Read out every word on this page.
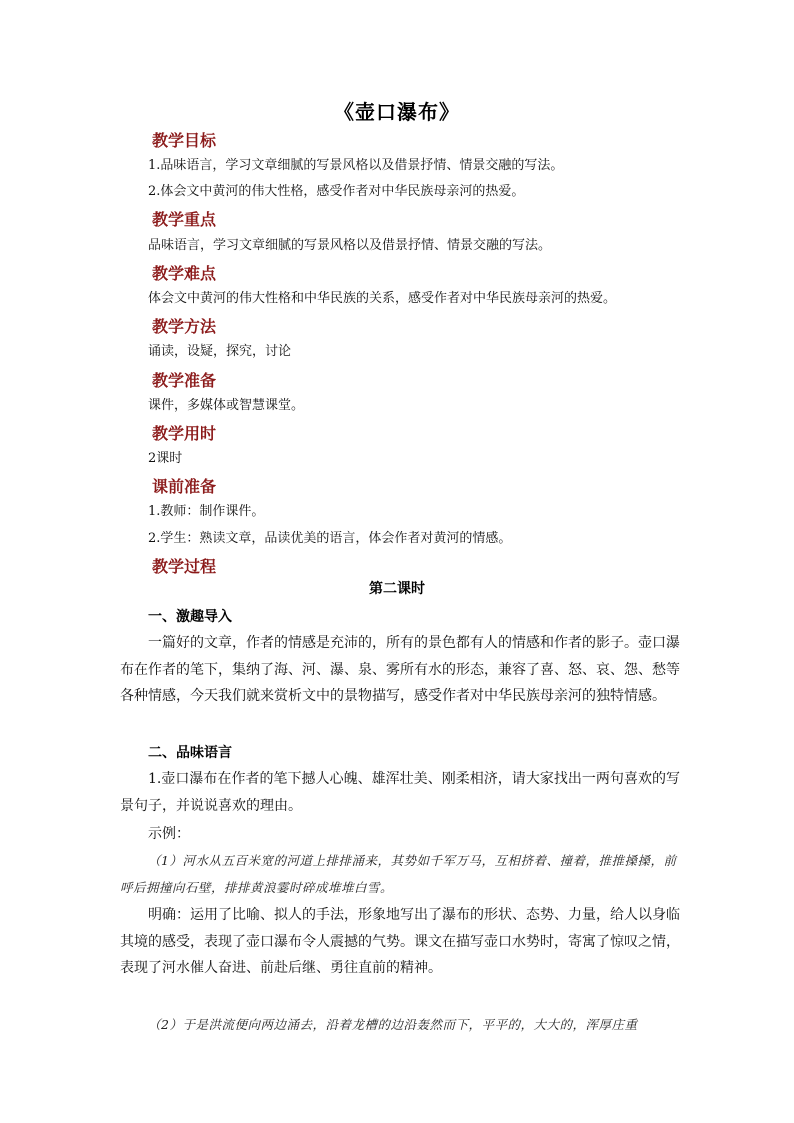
《壶口瀑布》
教学目标
1.品味语言，学习文章细腻的写景风格以及借景抒情、情景交融的写法。
2.体会文中黄河的伟大性格，感受作者对中华民族母亲河的热爱。
教学重点
品味语言，学习文章细腻的写景风格以及借景抒情、情景交融的写法。
教学难点
体会文中黄河的伟大性格和中华民族的关系，感受作者对中华民族母亲河的热爱。
教学方法
诵读，设疑，探究，讨论
教学准备
课件，多媒体或智慧课堂。
教学用时
2课时
课前准备
1.教师：制作课件。
2.学生：熟读文章，品读优美的语言，体会作者对黄河的情感。
教学过程
第二课时
一、激趣导入

一篇好的文章，作者的情感是充沛的，所有的景色都有人的情感和作者的影子。壶口瀑布在作者的笔下，集纳了海、河、瀑、泉、雾所有水的形态，兼容了喜、怒、哀、怨、愁等各种情感，今天我们就来赏析文中的景物描写，感受作者对中华民族母亲河的独特情感。

二、品味语言

1.壶口瀑布在作者的笔下撼人心魄、雄浑壮美、刚柔相济，请大家找出一两句喜欢的写景句子，并说说喜欢的理由。

示例：

（1）河水从五百米宽的河道上排排涌来，其势如千军万马，互相挤着、撞着，推推搡搡，前呼后拥撞向石壁，排排黄浪霎时碎成堆堆白雪。

明确：运用了比喻、拟人的手法，形象地写出了瀑布的形状、态势、力量，给人以身临其境的感受，表现了壶口瀑布令人震撼的气势。课文在描写壶口水势时，寄寓了惊叹之情，表现了河水催人奋进、前赴后继、勇往直前的精神。

（2）于是洪流便向两边涌去，沿着龙槽的边沿轰然而下，平平的，大大的，浑厚庄重
